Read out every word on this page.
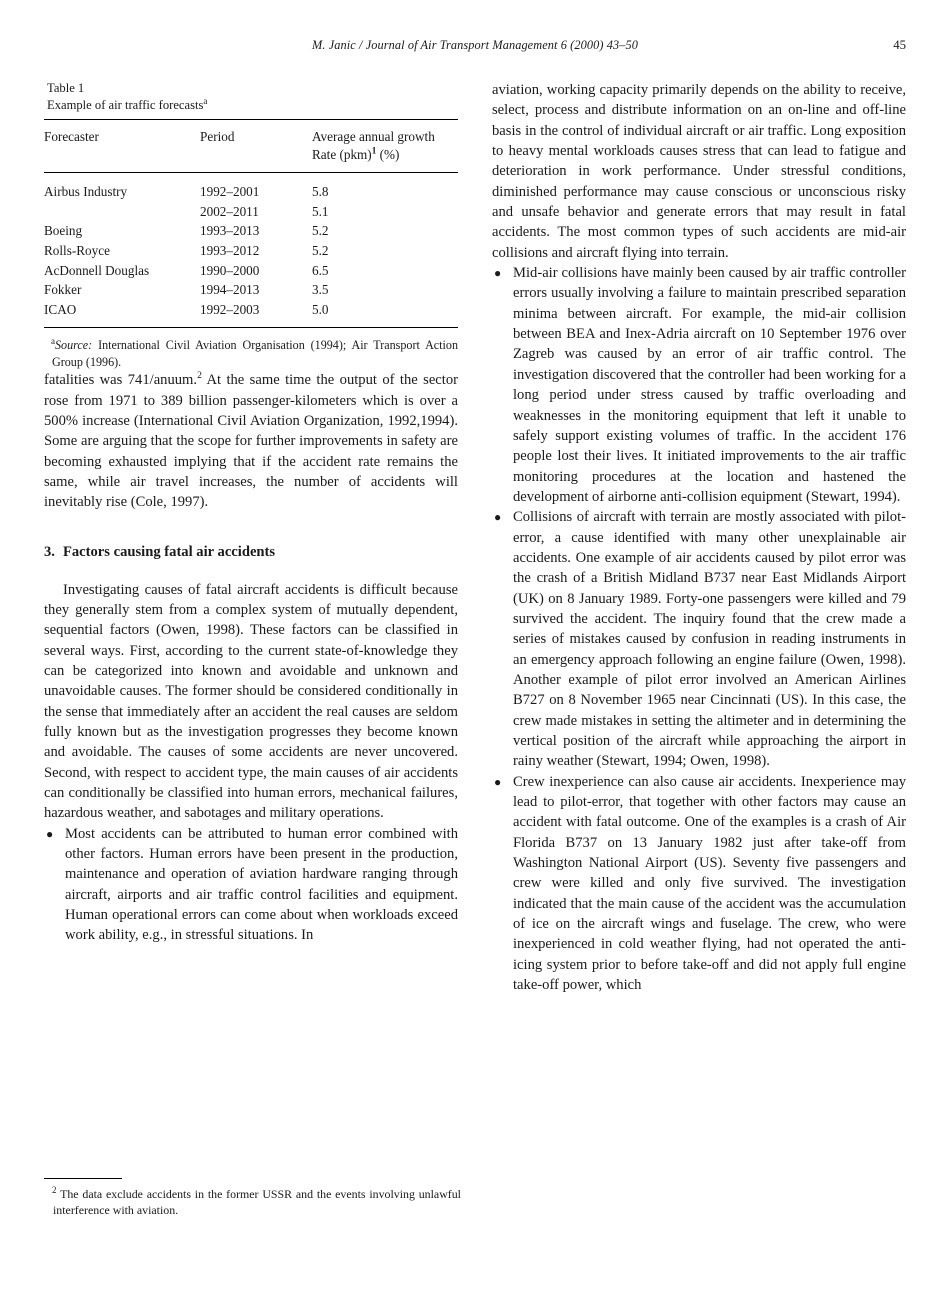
M. Janic / Journal of Air Transport Management 6 (2000) 43–50	45
Table 1
Example of air traffic forecasts$^a$
Forecaster	Period	Average annual growth
Rate (pkm)$^1$ (%)
Airbus Industry	1992–2001	5.8
	2002–2011	5.1
Boeing	1993–2013	5.2
Rolls-Royce	1993–2012	5.2
AcDonnell Douglas	1990–2000	6.5
Fokker	1994–2013	3.5
ICAO	1992–2003	5.0

$^a$Source: International Civil Aviation Organisation (1994); Air Transport Action Group (1996).

fatalities was 741/anuum.$^2$ At the same time the output of the sector rose from 1971 to 389 billion passenger-kilometers which is over a 500% increase (International Civil Aviation Organization, 1992,1994). Some are arguing that the scope for further improvements in safety are becoming exhausted implying that if the accident rate remains the same, while air travel increases, the number of accidents will inevitably rise (Cole, 1997).

3. Factors causing fatal air accidents

Investigating causes of fatal aircraft accidents is difficult because they generally stem from a complex system of mutually dependent, sequential factors (Owen, 1998). These factors can be classified in several ways. First, according to the current state-of-knowledge they can be categorized into known and avoidable and unknown and unavoidable causes. The former should be considered conditionally in the sense that immediately after an accident the real causes are seldom fully known but as the investigation progresses they become known and avoidable. The causes of some accidents are never uncovered. Second, with respect to accident type, the main causes of air accidents can conditionally be classified into human errors, mechanical failures, hazardous weather, and sabotages and military operations.

● Most accidents can be attributed to human error combined with other factors. Human errors have been present in the production, maintenance and operation of aviation hardware ranging through aircraft, airports and air traffic control facilities and equipment. Human operational errors can come about when workloads exceed work ability, e.g., in stressful situations. In

aviation, working capacity primarily depends on the ability to receive, select, process and distribute information on an on-line and off-line basis in the control of individual aircraft or air traffic. Long exposition to heavy mental workloads causes stress that can lead to fatigue and deterioration in work performance. Under stressful conditions, diminished performance may cause conscious or unconscious risky and unsafe behavior and generate errors that may result in fatal accidents. The most common types of such accidents are mid-air collisions and aircraft flying into terrain.

● Mid-air collisions have mainly been caused by air traffic controller errors usually involving a failure to maintain prescribed separation minima between aircraft. For example, the mid-air collision between BEA and Inex-Adria aircraft on 10 September 1976 over Zagreb was caused by an error of air traffic control. The investigation discovered that the controller had been working for a long period under stress caused by traffic overloading and weaknesses in the monitoring equipment that left it unable to safely support existing volumes of traffic. In the accident 176 people lost their lives. It initiated improvements to the air traffic monitoring procedures at the location and hastened the development of airborne anti-collision equipment (Stewart, 1994).
● Collisions of aircraft with terrain are mostly associated with pilot-error, a cause identified with many other unexplainable air accidents. One example of air accidents caused by pilot error was the crash of a British Midland B737 near East Midlands Airport (UK) on 8 January 1989. Forty-one passengers were killed and 79 survived the accident. The inquiry found that the crew made a series of mistakes caused by confusion in reading instruments in an emergency approach following an engine failure (Owen, 1998). Another example of pilot error involved an American Airlines B727 on 8 November 1965 near Cincinnati (US). In this case, the crew made mistakes in setting the altimeter and in determining the vertical position of the aircraft while approaching the airport in rainy weather (Stewart, 1994; Owen, 1998).
● Crew inexperience can also cause air accidents. Inexperience may lead to pilot-error, that together with other factors may cause an accident with fatal outcome. One of the examples is a crash of Air Florida B737 on 13 January 1982 just after take-off from Washington National Airport (US). Seventy five passengers and crew were killed and only five survived. The investigation indicated that the main cause of the accident was the accumulation of ice on the aircraft wings and fuselage. The crew, who were inexperienced in cold weather flying, had not operated the anti-icing system prior to before take-off and did not apply full engine take-off power, which

$^2$ The data exclude accidents in the former USSR and the events involving unlawful interference with aviation.
